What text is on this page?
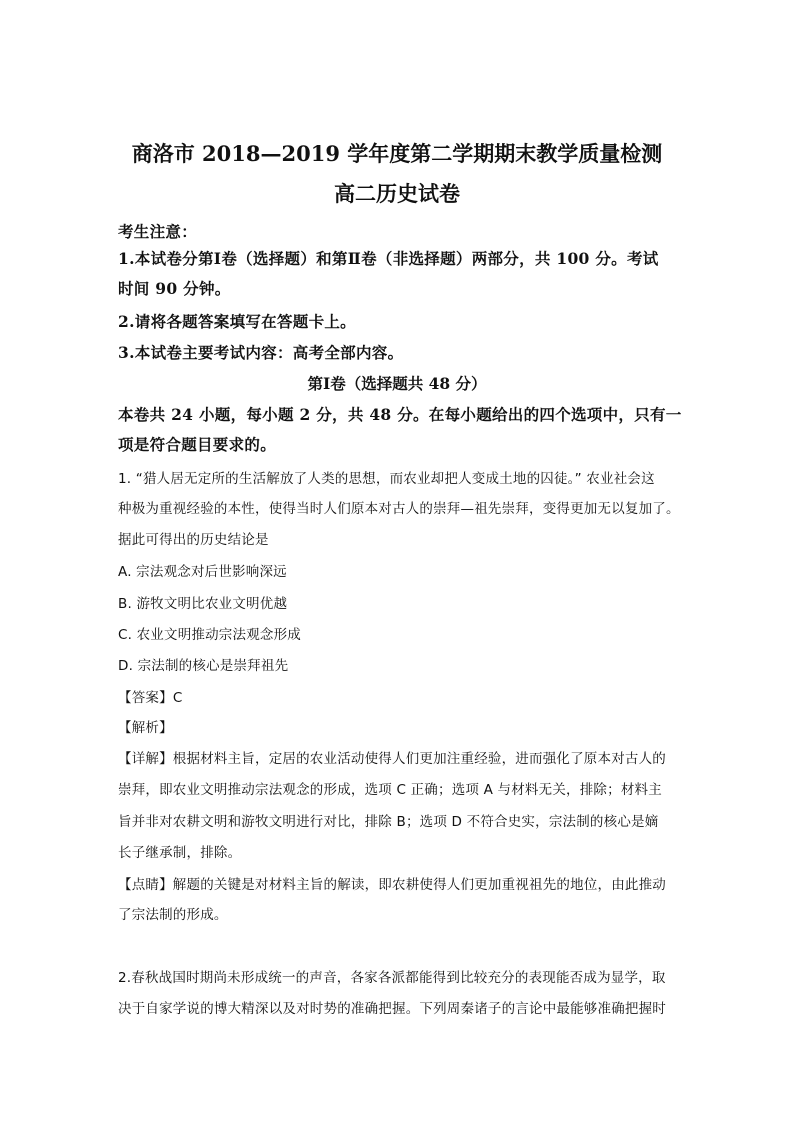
商洛市 2018—2019 学年度第二学期期末教学质量检测
高二历史试卷
考生注意：
1.本试卷分第Ⅰ卷（选择题）和第Ⅱ卷（非选择题）两部分，共 100 分。考试
时间 90 分钟。
2.请将各题答案填写在答题卡上。
3.本试卷主要考试内容：高考全部内容。
第Ⅰ卷（选择题共 48 分）
本卷共 24 小题，每小题 2 分，共 48 分。在每小题给出的四个选项中，只有一
项是符合题目要求的。
1. “猎人居无定所的生活解放了人类的思想，而农业却把人变成土地的囚徒。” 农业社会这
种极为重视经验的本性，使得当时人们原本对古人的崇拜—祖先崇拜，变得更加无以复加了。
据此可得出的历史结论是
A. 宗法观念对后世影响深远
B. 游牧文明比农业文明优越
C. 农业文明推动宗法观念形成
D. 宗法制的核心是崇拜祖先
【答案】C
【解析】
【详解】根据材料主旨，定居的农业活动使得人们更加注重经验，进而强化了原本对古人的
崇拜，即农业文明推动宗法观念的形成，选项 C 正确；选项 A 与材料无关，排除；材料主
旨并非对农耕文明和游牧文明进行对比，排除 B；选项 D 不符合史实，宗法制的核心是嫡
长子继承制，排除。
【点睛】解题的关键是对材料主旨的解读，即农耕使得人们更加重视祖先的地位，由此推动
了宗法制的形成。
2.春秋战国时期尚未形成统一的声音，各家各派都能得到比较充分的表现能否成为显学，取
决于自家学说的博大精深以及对时势的准确把握。下列周秦诸子的言论中最能够准确把握时
